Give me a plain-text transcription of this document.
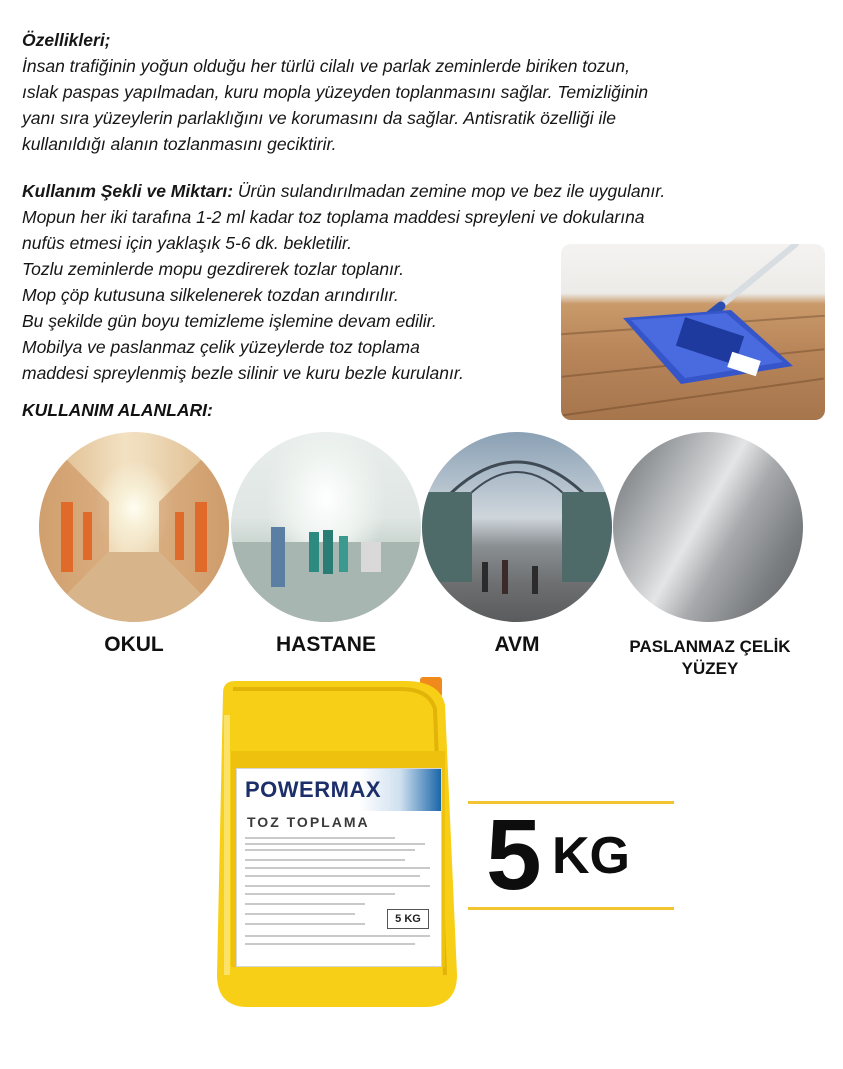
Özellikleri;
İnsan trafiğinin yoğun olduğu her türlü cilalı ve parlak zeminlerde biriken tozun,
ıslak paspas yapılmadan, kuru mopla yüzeyden toplanmasını sağlar. Temizliğinin
yanı sıra yüzeylerin parlaklığını ve korumasını da sağlar. Antisratik özelliği ile
kullanıldığı alanın tozlanmasını geciktirir.
Kullanım Şekli ve Miktarı: Ürün sulandırılmadan zemine mop ve bez ile uygulanır.
Mopun her iki tarafına 1-2 ml kadar toz toplama maddesi spreyleni ve dokularına
nufüs etmesi için yaklaşık 5-6 dk. bekletilir.
Tozlu zeminlerde mopu gezdirerek tozlar toplanır.
Mop çöp kutusuna silkelenerek tozdan arındırılır.
Bu şekilde gün boyu temizleme işlemine devam edilir.
Mobilya ve paslanmaz çelik yüzeylerde toz toplama
maddesi spreylenmiş bezle silinir ve kuru bezle kurulanır.
KULLANIM ALANLARI:
OKUL	HASTANE	AVM	PASLANMAZ ÇELİK YÜZEY
POWERMAX
TOZ TOPLAMA
5 KG
5 KG
